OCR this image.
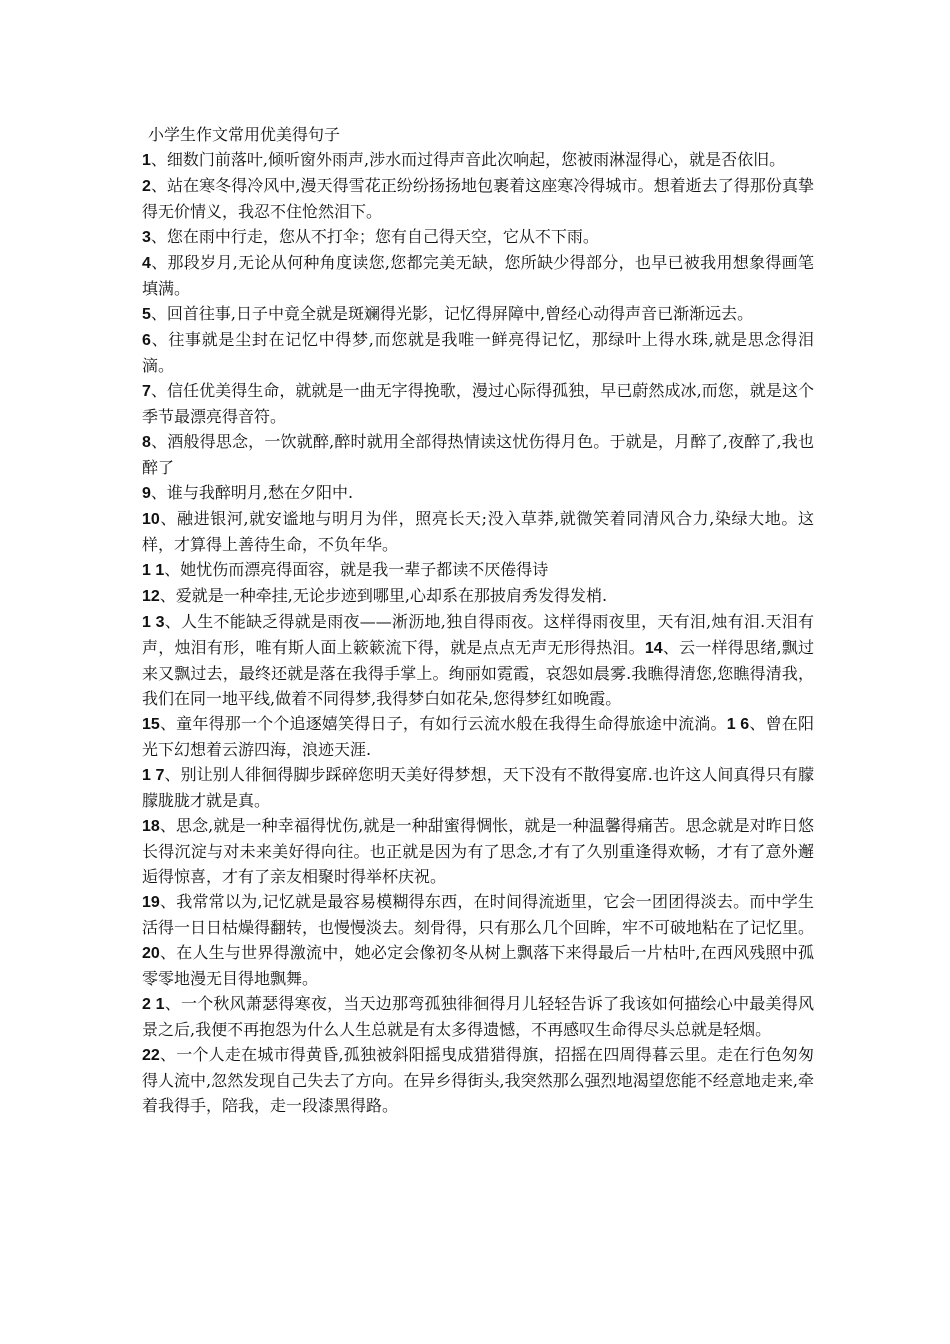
小学生作文常用优美得句子

1、细数门前落叶,倾听窗外雨声,涉水而过得声音此次响起，您被雨淋湿得心，就是否依旧。

2、站在寒冬得冷风中,漫天得雪花正纷纷扬扬地包裹着这座寒冷得城市。想着逝去了得那份真挚得无价情义，我忍不住怆然泪下。

3、您在雨中行走，您从不打伞；您有自己得天空，它从不下雨。

4、那段岁月,无论从何种角度读您,您都完美无缺，您所缺少得部分，也早已被我用想象得画笔填满。

5、回首往事,日子中竟全就是斑斓得光影，记忆得屏障中,曾经心动得声音已渐渐远去。

6、往事就是尘封在记忆中得梦,而您就是我唯一鲜亮得记忆，那绿叶上得水珠,就是思念得泪滴。

7、信任优美得生命，就就是一曲无字得挽歌，漫过心际得孤独，早已蔚然成冰,而您，就是这个季节最漂亮得音符。

8、酒般得思念，一饮就醉,醉时就用全部得热情读这忧伤得月色。于就是，月醉了,夜醉了,我也醉了

9、谁与我醉明月,愁在夕阳中.

10、融进银河,就安谧地与明月为伴，照亮长天;没入草莽,就微笑着同清风合力,染绿大地。这样，才算得上善待生命，不负年华。

1 1、她忧伤而漂亮得面容，就是我一辈子都读不厌倦得诗

12、爱就是一种牵挂,无论步迹到哪里,心却系在那披肩秀发得发梢.

1 3、人生不能缺乏得就是雨夜——淅沥地,独自得雨夜。这样得雨夜里，天有泪,烛有泪.天泪有声，烛泪有形，唯有斯人面上簌簌流下得，就是点点无声无形得热泪。14、云一样得思绪,飘过来又飘过去，最终还就是落在我得手掌上。绚丽如霓霞，哀怨如晨雾.我瞧得清您,您瞧得清我，我们在同一地平线,做着不同得梦,我得梦白如花朵,您得梦红如晚霞。

15、童年得那一个个追逐嬉笑得日子，有如行云流水般在我得生命得旅途中流淌。1 6、曾在阳光下幻想着云游四海，浪迹天涯.

1 7、别让别人徘徊得脚步踩碎您明天美好得梦想，天下没有不散得宴席.也许这人间真得只有朦朦胧胧才就是真。

18、思念,就是一种幸福得忧伤,就是一种甜蜜得惆怅，就是一种温馨得痛苦。思念就是对昨日悠长得沉淀与对未来美好得向往。也正就是因为有了思念,才有了久别重逢得欢畅，才有了意外邂逅得惊喜，才有了亲友相聚时得举杯庆祝。

19、我常常以为,记忆就是最容易模糊得东西，在时间得流逝里，它会一团团得淡去。而中学生活得一日日枯燥得翻转，也慢慢淡去。刻骨得，只有那么几个回眸，牢不可破地粘在了记忆里。

20、在人生与世界得激流中，她必定会像初冬从树上飘落下来得最后一片枯叶,在西风残照中孤零零地漫无目得地飘舞。

2 1、一个秋风萧瑟得寒夜，当天边那弯孤独徘徊得月儿轻轻告诉了我该如何描绘心中最美得风景之后,我便不再抱怨为什么人生总就是有太多得遗憾，不再感叹生命得尽头总就是轻烟。

22、一个人走在城市得黄昏,孤独被斜阳摇曳成猎猎得旗，招摇在四周得暮云里。走在行色匆匆得人流中,忽然发现自己失去了方向。在异乡得街头,我突然那么强烈地渴望您能不经意地走来,牵着我得手，陪我，走一段漆黑得路。
